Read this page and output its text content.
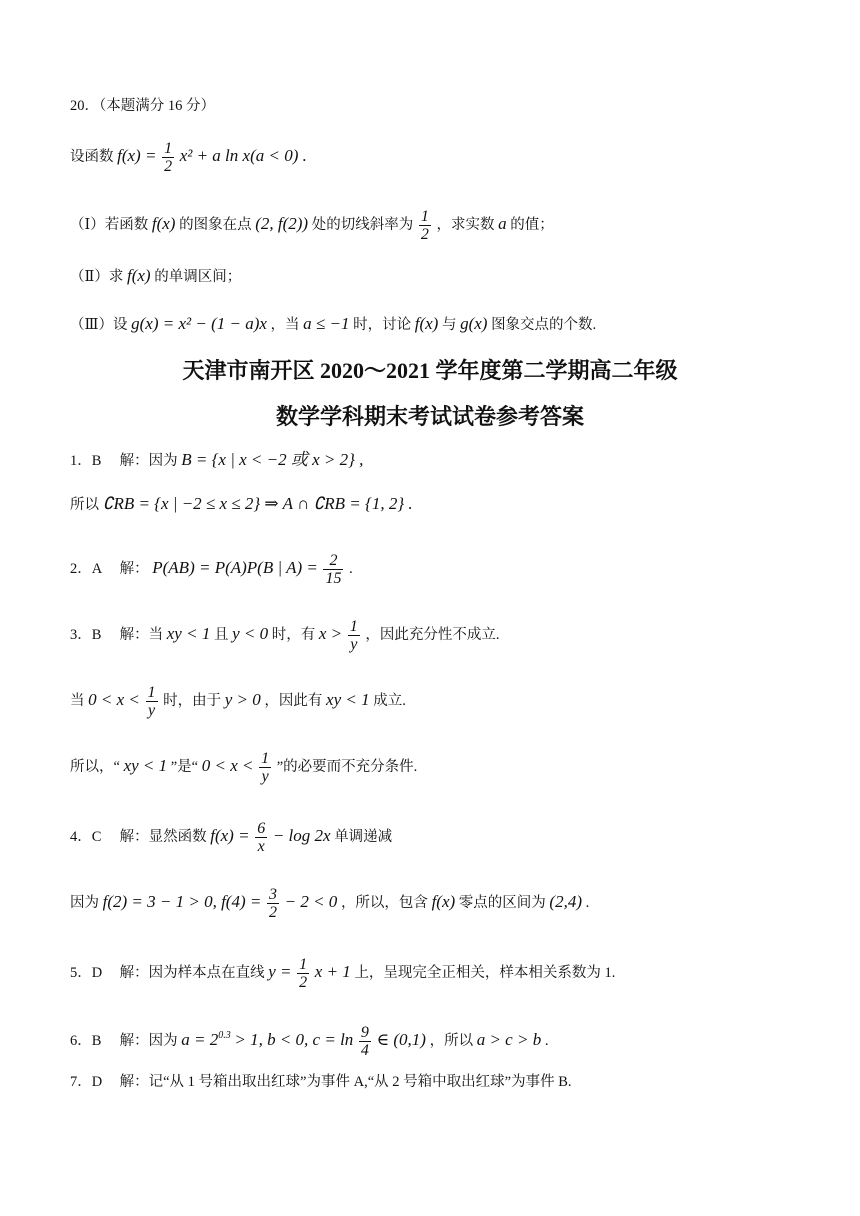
20．（本题满分 16 分）
设函数 $f(x) = \frac{1}{2} x^2 + a$ ln x(a < 0) .
（Ⅰ）若函数 f(x) 的图象在点 (2, f(2)) 处的切线斜率为 $\frac{1}{2}$ ，求实数 a 的值；
（Ⅱ）求 f(x) 的单调区间；
（Ⅲ）设 g(x) = x² − (1 − a)x ，当 a ≤ −1 时，讨论 f(x) 与 g(x) 图象交点的个数.
天津市南开区 2020～2021 学年度第二学期高二年级
数学学科期末考试试卷参考答案
1．B 解：因为 B = {x | x < −2 或 x > 2} ,
所以 ∁RB = {x | −2 ≤ x ≤ 2} ⇒ A ∩ ∁RB = {1, 2} .
2．A 解： P(AB) = P(A)P(B | $A) = \frac{2}{15}$ .
3．B 解：当 xy < 1 且 y < 0 时，有 $x > \frac{1}{y}$ ，因此充分性不成立.
当 $0 < x < \frac{1}{y}$ 时，由于 y > 0 ，因此有 xy < 1 成立.
所以，“ xy < 1 ”是“ $0 < x < \frac{1}{y}$ ”的必要而不充分条件.
4．C 解：显然函数 $f(x) = \frac{6}{x} - \log 2x$ 单调递减
因为 f(2) = 3 − 1 > 0, $f(4) = \frac{3}{2} - 2 < 0$ ，所以，包含 f(x) 零点的区间为 (2,4) .
5．D 解：因为样本点在直线 $y = \frac{1}{2}$ x + 1 上，呈现完全正相关，样本相关系数为 1.
6．B 解：因为 $a = 2^{0.3} > 1$, b < 0, $c = \ln \frac{9}{4}$ ∈ (0,1) ，所以 a > c > b .
7．D 解：记“从 1 号箱出取出红球”为事件 A,“从 2 号箱中取出红球”为事件 B.
